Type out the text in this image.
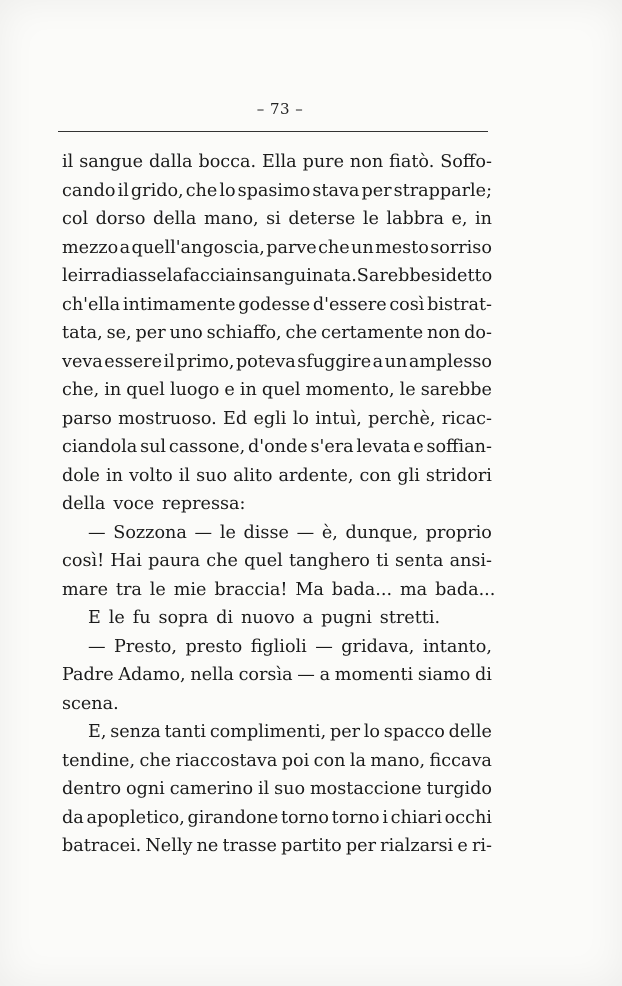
– 73 –
il sangue dalla bocca. Ella pure non fiatò. Soffo-
cando il grido, che lo spasimo stava per strapparle;
col dorso della mano, si deterse le labbra e, in
mezzo a quell'angoscia, parve che un mesto sorriso
le irradiasse la faccia insanguinata. Sarebbesi detto
ch'ella intimamente godesse d'essere così bistrat-
tata, se, per uno schiaffo, che certamente non do-
veva essere il primo, poteva sfuggire a un amplesso
che, in quel luogo e in quel momento, le sarebbe
parso mostruoso. Ed egli lo intuì, perchè, ricac-
ciandola sul cassone, d'onde s'era levata e soffian-
dole in volto il suo alito ardente, con gli stridori
della voce repressa:
— Sozzona — le disse — è, dunque, proprio
così! Hai paura che quel tanghero ti senta ansi-
mare tra le mie braccia! Ma bada... ma bada...
E le fu sopra di nuovo a pugni stretti.
— Presto, presto figlioli — gridava, intanto,
Padre Adamo, nella corsìa — a momenti siamo di
scena.
E, senza tanti complimenti, per lo spacco delle
tendine, che riaccostava poi con la mano, ficcava
dentro ogni camerino il suo mostaccione turgido
da apopletico, girandone torno torno i chiari occhi
batracei. Nelly ne trasse partito per rialzarsi e ri-
